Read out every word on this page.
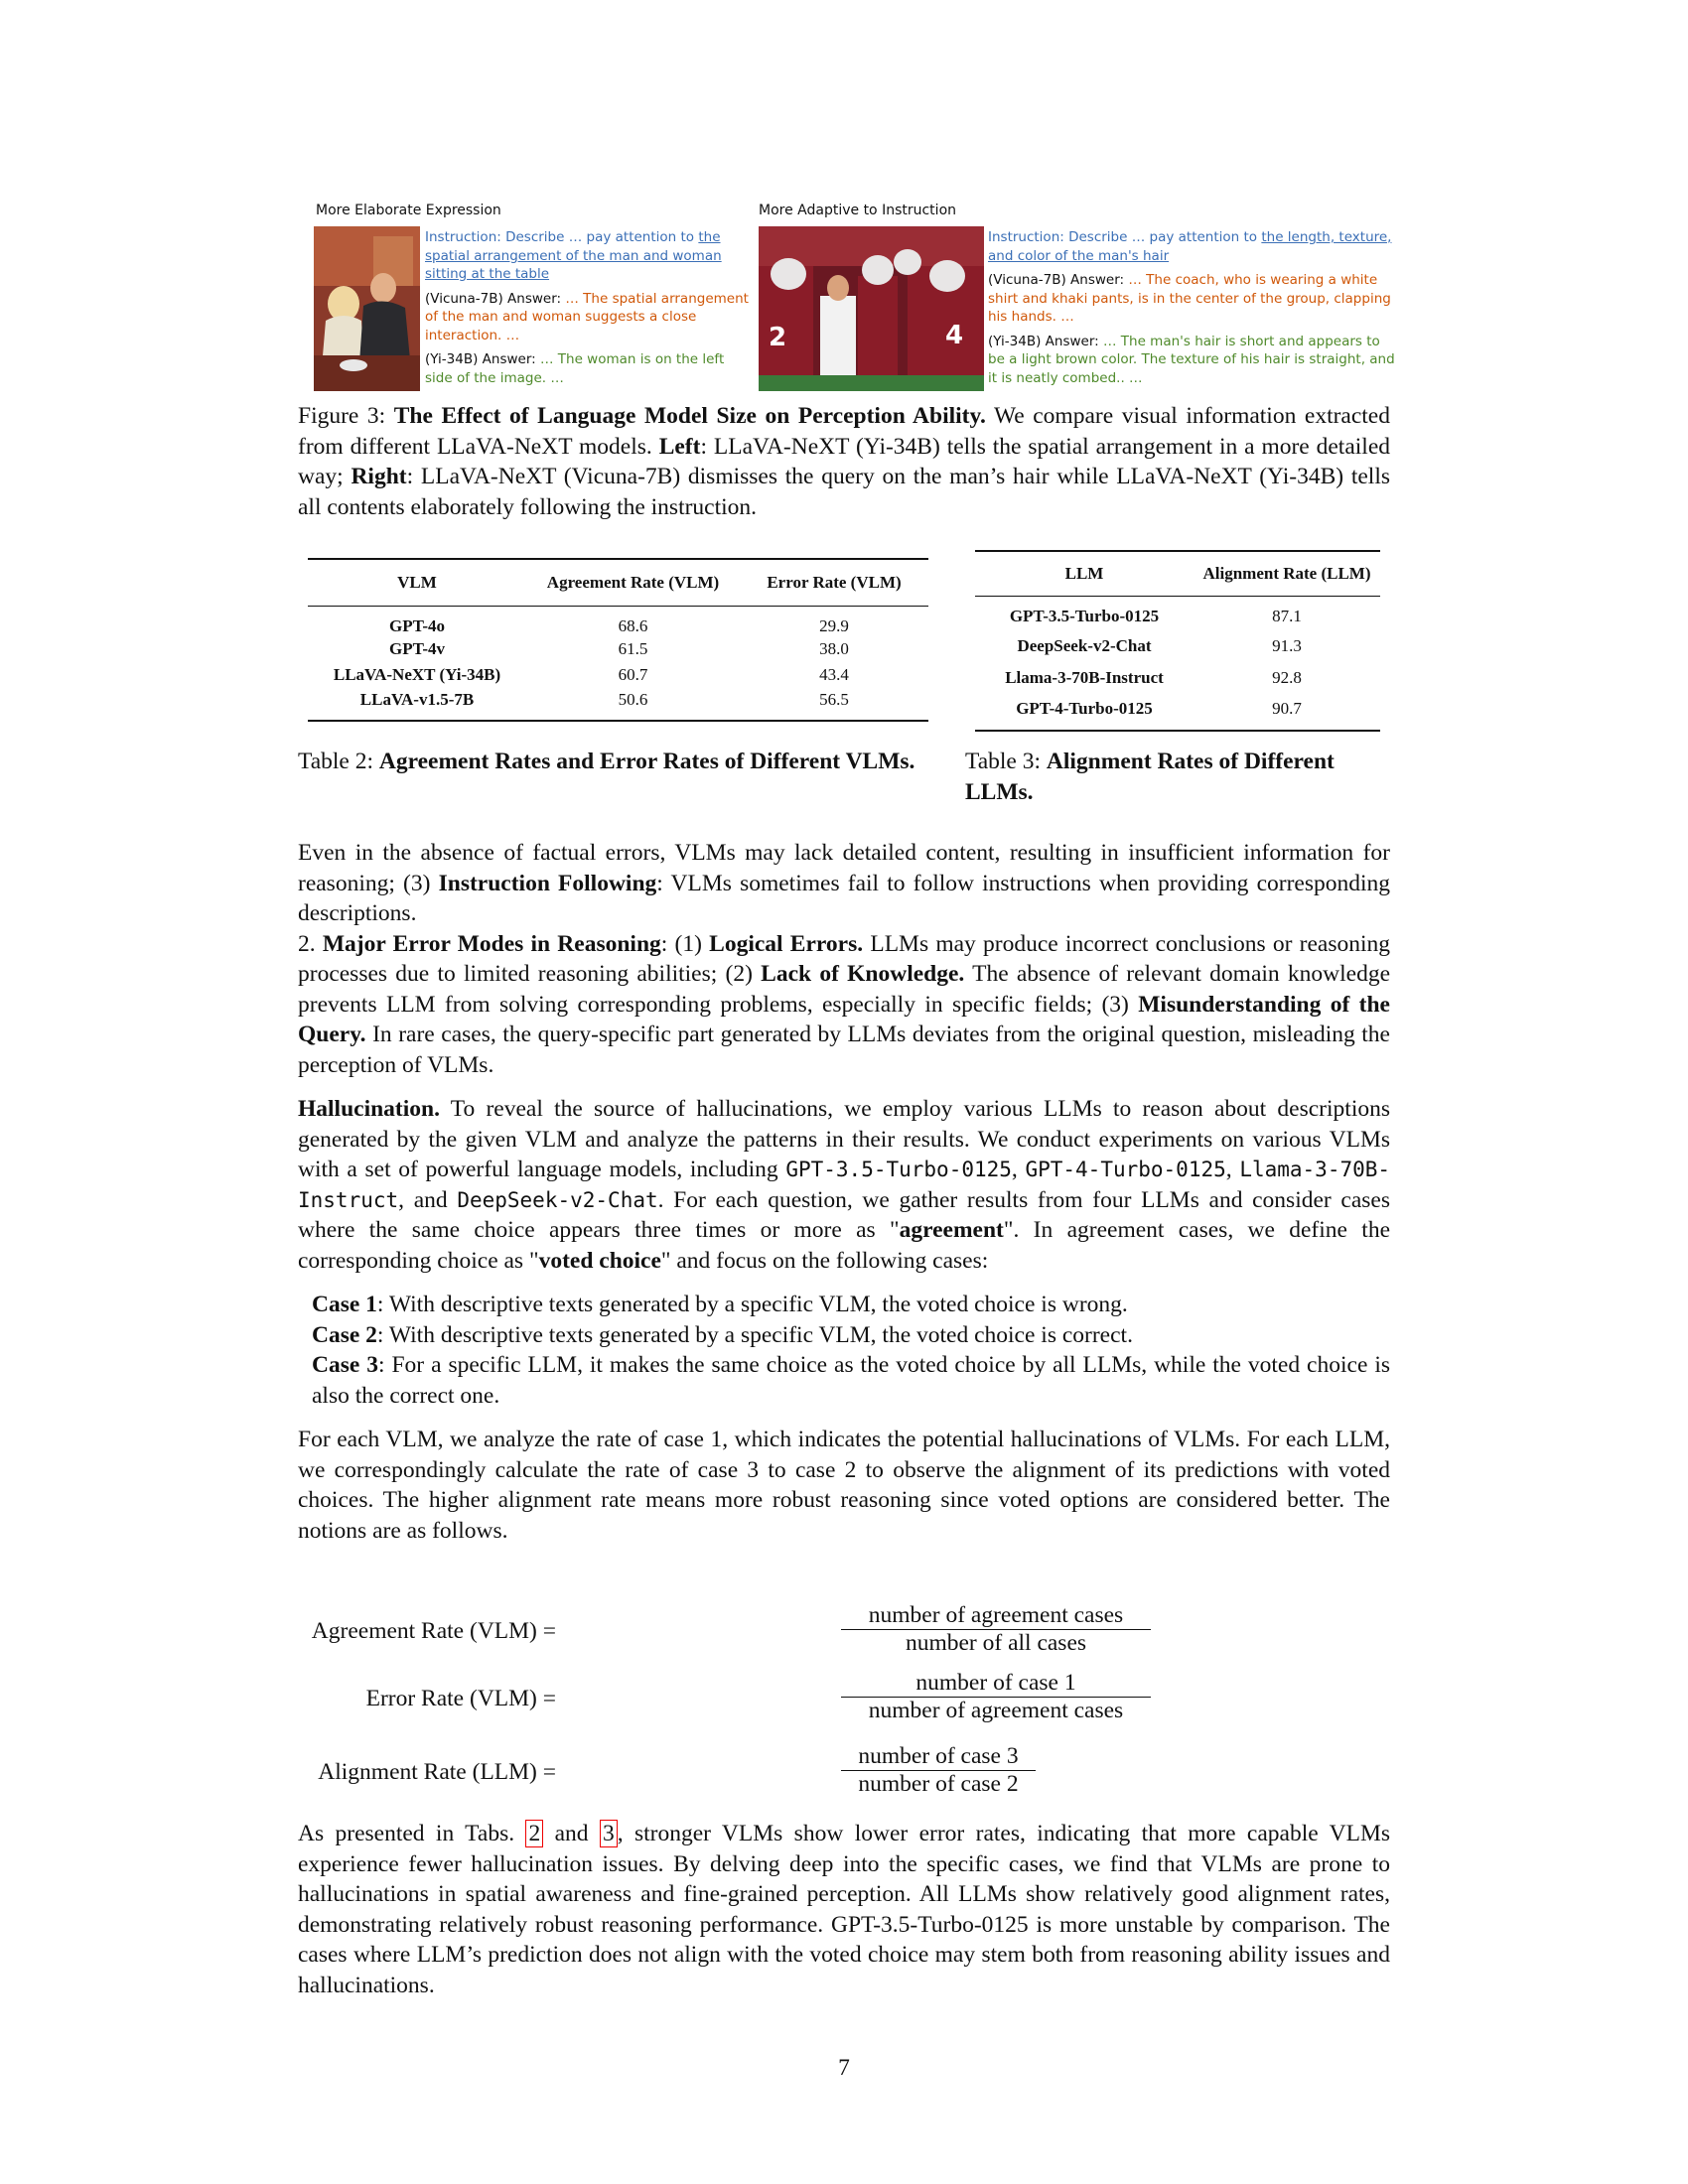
More Elaborate Expression	More Adaptive to Instruction

Instruction: Describe … pay attention to the spatial arrangement of the man and woman sitting at the table

(Vicuna-7B) Answer: … The spatial arrangement of the man and woman suggests a close interaction. …

(Yi-34B) Answer: … The woman is on the left side of the image. …

2	4

Instruction: Describe … pay attention to the length, texture, and color of the man's hair

(Vicuna-7B) Answer: … The coach, who is wearing a white shirt and khaki pants, is in the center of the group, clapping his hands. …

(Yi-34B) Answer: … The man's hair is short and appears to be a light brown color. The texture of his hair is straight, and it is neatly combed.. …

Figure 3: The Effect of Language Model Size on Perception Ability. We compare visual information extracted from different LLaVA-NeXT models. Left: LLaVA-NeXT (Yi-34B) tells the spatial arrangement in a more detailed way; Right: LLaVA-NeXT (Vicuna-7B) dismisses the query on the man’s hair while LLaVA-NeXT (Yi-34B) tells all contents elaborately following the instruction.
VLM	Agreement Rate (VLM)	Error Rate (VLM)
GPT-4o	68.6	29.9
GPT-4v	61.5	38.0
LLaVA-NeXT (Yi-34B)	60.7	43.4
LLaVA-v1.5-7B	50.6	56.5
LLM	Alignment Rate (LLM)
GPT-3.5-Turbo-0125	87.1
DeepSeek-v2-Chat	91.3
Llama-3-70B-Instruct	92.8
GPT-4-Turbo-0125	90.7
Table 2: Agreement Rates and Error Rates of Different VLMs.	Table 3: Alignment Rates of Different LLMs.

Even in the absence of factual errors, VLMs may lack detailed content, resulting in insufficient information for reasoning; (3) Instruction Following: VLMs sometimes fail to follow instructions when providing corresponding descriptions.

2. Major Error Modes in Reasoning: (1) Logical Errors. LLMs may produce incorrect conclusions or reasoning processes due to limited reasoning abilities; (2) Lack of Knowledge. The absence of relevant domain knowledge prevents LLM from solving corresponding problems, especially in specific fields; (3) Misunderstanding of the Query. In rare cases, the query-specific part generated by LLMs deviates from the original question, misleading the perception of VLMs.

Hallucination. To reveal the source of hallucinations, we employ various LLMs to reason about descriptions generated by the given VLM and analyze the patterns in their results. We conduct experiments on various VLMs with a set of powerful language models, including GPT-3.5-Turbo-0125, GPT-4-Turbo-0125, Llama-3-70B-Instruct, and DeepSeek-v2-Chat. For each question, we gather results from four LLMs and consider cases where the same choice appears three times or more as "agreement". In agreement cases, we define the corresponding choice as "voted choice" and focus on the following cases:

Case 1: With descriptive texts generated by a specific VLM, the voted choice is wrong.

Case 2: With descriptive texts generated by a specific VLM, the voted choice is correct.

Case 3: For a specific LLM, it makes the same choice as the voted choice by all LLMs, while the voted choice is also the correct one.

For each VLM, we analyze the rate of case 1, which indicates the potential hallucinations of VLMs. For each LLM, we correspondingly calculate the rate of case 3 to case 2 to observe the alignment of its predictions with voted choices. The higher alignment rate means more robust reasoning since voted options are considered better. The notions are as follows.

Agreement Rate (VLM) =
number of agreement cases
number of all cases
Error Rate (VLM) =
number of case 1
number of agreement cases
Alignment Rate (LLM) =
number of case 3
number of case 2
As presented in Tabs. 2 and 3 , stronger VLMs show lower error rates, indicating that more capable VLMs experience fewer hallucination issues. By delving deep into the specific cases, we find that VLMs are prone to hallucinations in spatial awareness and fine-grained perception. All LLMs show relatively good alignment rates, demonstrating relatively robust reasoning performance. GPT-3.5-Turbo-0125 is more unstable by comparison. The cases where LLM’s prediction does not align with the voted choice may stem both from reasoning ability issues and hallucinations.
7
